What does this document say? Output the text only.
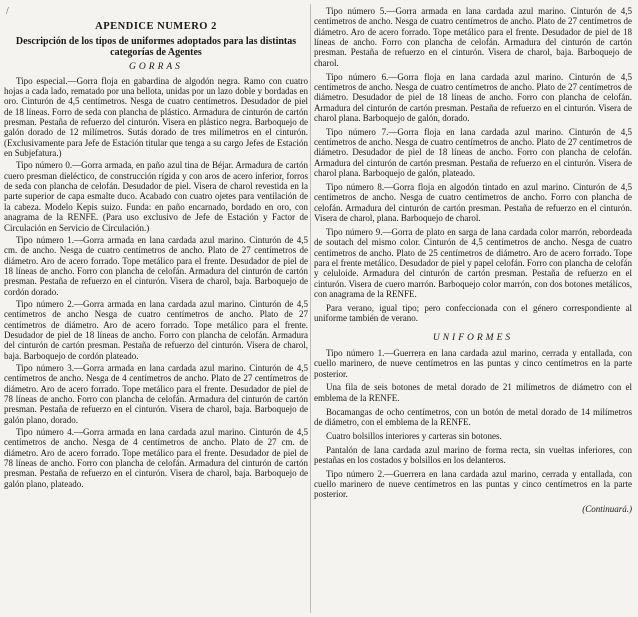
/
APENDICE NUMERO 2
Descripción de los tipos de uniformes adoptados para las distintas categorías de Agentes
GORRAS

Tipo especial.—Gorra floja en gabardina de algodón negra. Ramo con cuatro hojas a cada lado, rematado por una bellota, unidas por un lazo doble y bordadas en oro. Cinturón de 4,5 centímetros. Nesga de cuatro centímetros. Desudador de piel de 18 líneas. Forro de seda con plancha de plástico. Armadura de cinturón de cartón presman. Pestaña de refuerzo del cinturón. Visera en plástico negra. Barboquejo de galón dorado de 12 milímetros. Sutás dorado de tres milímetros en el cinturón. (Exclusivamente para Jefe de Estación titular que tenga a su cargo Jefes de Estación en Subjefatura.)

Tipo número 0.—Gorra armada, en paño azul tina de Béjar. Armadura de cartón cuero presman dieléctico, de construcción rígida y con aros de acero inferior, forros de seda con plancha de celofán. Desudador de piel. Visera de charol revestida en la parte superior de capa esmalte duco. Acabado con cuatro ojetes para ventilación de la cabeza. Modelo Kepis suizo. Funda: en paño encarnado, bordado en oro, con anagrama de la RENFE. (Para uso exclusivo de Jefe de Estación y Factor de Circulación en Servicio de Circulación.)

Tipo número 1.—Gorra armada en lana cardada azul marino. Cinturón de 4,5 cm. de ancho. Nesga de cuatro centímetros de ancho. Plato de 27 centímetros de diámetro. Aro de acero forrado. Tope metálico para el frente. Desudador de piel de 18 líneas de ancho. Forro con plancha de celofán. Armadura del cinturón de cartón presman. Pestaña de refuerzo en el cinturón. Visera de charol, baja. Barboquejo de cordón dorado.

Tipo número 2.—Gorra armada en lana cardada azul marino. Cinturón de 4,5 centímetros de ancho Nesga de cuatro centímetros de ancho. Plato de 27 centímetros de diámetro. Aro de acero forrado. Tope metálico para el frente. Desudador de piel de 18 líneas de ancho. Forro con plancha de celofán. Armadura del cinturón de cartón presman. Pestaña de refuerzo del cinturón. Visera de charol, baja. Barboquejo de cordón plateado.

Tipo número 3.—Gorra armada en lana cardada azul marino. Cinturón de 4,5 centímetros de ancho. Nesga de 4 centímetros de ancho. Plato de 27 centímetros de diámetro. Aro de acero forrado. Tope metálico para el frente. Desudador de piel de 78 líneas de ancho. Forro con plancha de celofán. Armadura del cinturón de cartón presman. Pestaña de refuerzo en el cinturón. Visera de charol, baja. Barboquejo de galón plano, dorado.

Tipo número 4.—Gorra armada en lana cardada azul marino. Cinturón de 4,5 centímetros de ancho. Nesga de 4 centímetros de ancho. Plato de 27 cm. de diámetro. Aro de acero forrado. Tope metálico para el frente. Desudador de piel de 78 líneas de ancho. Forro con plancha de celofán. Armadura del cinturón de cartón presman. Pestaña de refuerzo en el cinturón. Visera de charol, baja. Barboquejo de galón plano, plateado.

Tipo número 5.—Gorra armada en lana cardada azul marino. Cinturón de 4,5 centímetros de ancho. Nesga de cuatro centímetros de ancho. Plato de 27 centímetros de diámetro. Aro de acero forrado. Tope metálico para el frente. Desudador de piel de 18 líneas de ancho. Forro con plancha de celofán. Armadura del cinturón de cartón presman. Pestaña de refuerzo en el cinturón. Visera de charol, baja. Barboquejo de charol.

Tipo número 6.—Gorra floja en lana cardada azul marino. Cinturón de 4,5 centímetros de ancho. Nesga de cuatro centímetros de ancho. Plato de 27 centímetros de diámetro. Desudador de piel de 18 líneas de ancho. Forro con plancha de celofán. Armadura del cinturón de cartón presman. Pestaña de refuerzo en el cinturón. Visera de charol plana. Barboquejo de galón, dorado.

Tipo número 7.—Gorra floja en lana cardada azul marino. Cinturón de 4,5 centímetros de ancho. Nesga de cuatro centímetros de ancho. Plato de 27 centímetros de diámetro. Desudador de piel de 18 líneas de ancho. Forro con plancha de celofán. Armadura del cinturón de cartón presman. Pestaña de refuerzo en el cinturón. Visera de charol plana. Barboquejo de galón, plateado.

Tipo número 8.—Gorra floja en algodón tintado en azul marino. Cinturón de 4,5 centímetros de ancho. Nesga de cuatro centímetros de ancho. Forro con plancha de celofán. Armadura del cinturón de cartón presman. Pestaña de refuerzo en el cinturón. Visera de charol, plana. Barboquejo de charol.

Tipo número 9.—Gorra de plato en sarga de lana cardada color marrón, rebordeada de soutach del mismo color. Cinturón de 4,5 centímetros de ancho. Nesga de cuatro centímetros de ancho. Plato de 25 centímetros de diámetro. Aro de acero forrado. Tope para el frente metálico. Desudador de piel y papel celofán. Forro con plancha de celofán y celuloide. Armadura del cinturón de cartón presman. Pestaña de refuerzo en el cinturón. Visera de cuero marrón. Barboquejo color marrón, con dos botones metálicos, con anagrama de la RENFE.

Para verano, igual tipo; pero confeccionada con el género correspondiente al uniforme también de verano.

UNIFORMES

Tipo número 1.—Guerrera en lana cardada azul marino, cerrada y entallada, con cuello marinero, de nueve centímetros en las puntas y cinco centímetros en la parte posterior.

Una fila de seis botones de metal dorado de 21 milímetros de diámetro con el emblema de la RENFE.

Bocamangas de ocho centímetros, con un botón de metal dorado de 14 milímetros de diámetro, con el emblema de la RENFE.

Cuatro bolsillos interiores y carteras sin botones.

Pantalón de lana cardada azul marino de forma recta, sin vueltas inferiores, con pestañas en los costados y bolsillos en los delanteros.

Tipo número 2.—Guerrera en lana cardada azul marino, cerrada y entallada, con cuello marinero de nueve centímetros en las puntas y cinco centímetros en la parte posterior.

(Continuará.)
